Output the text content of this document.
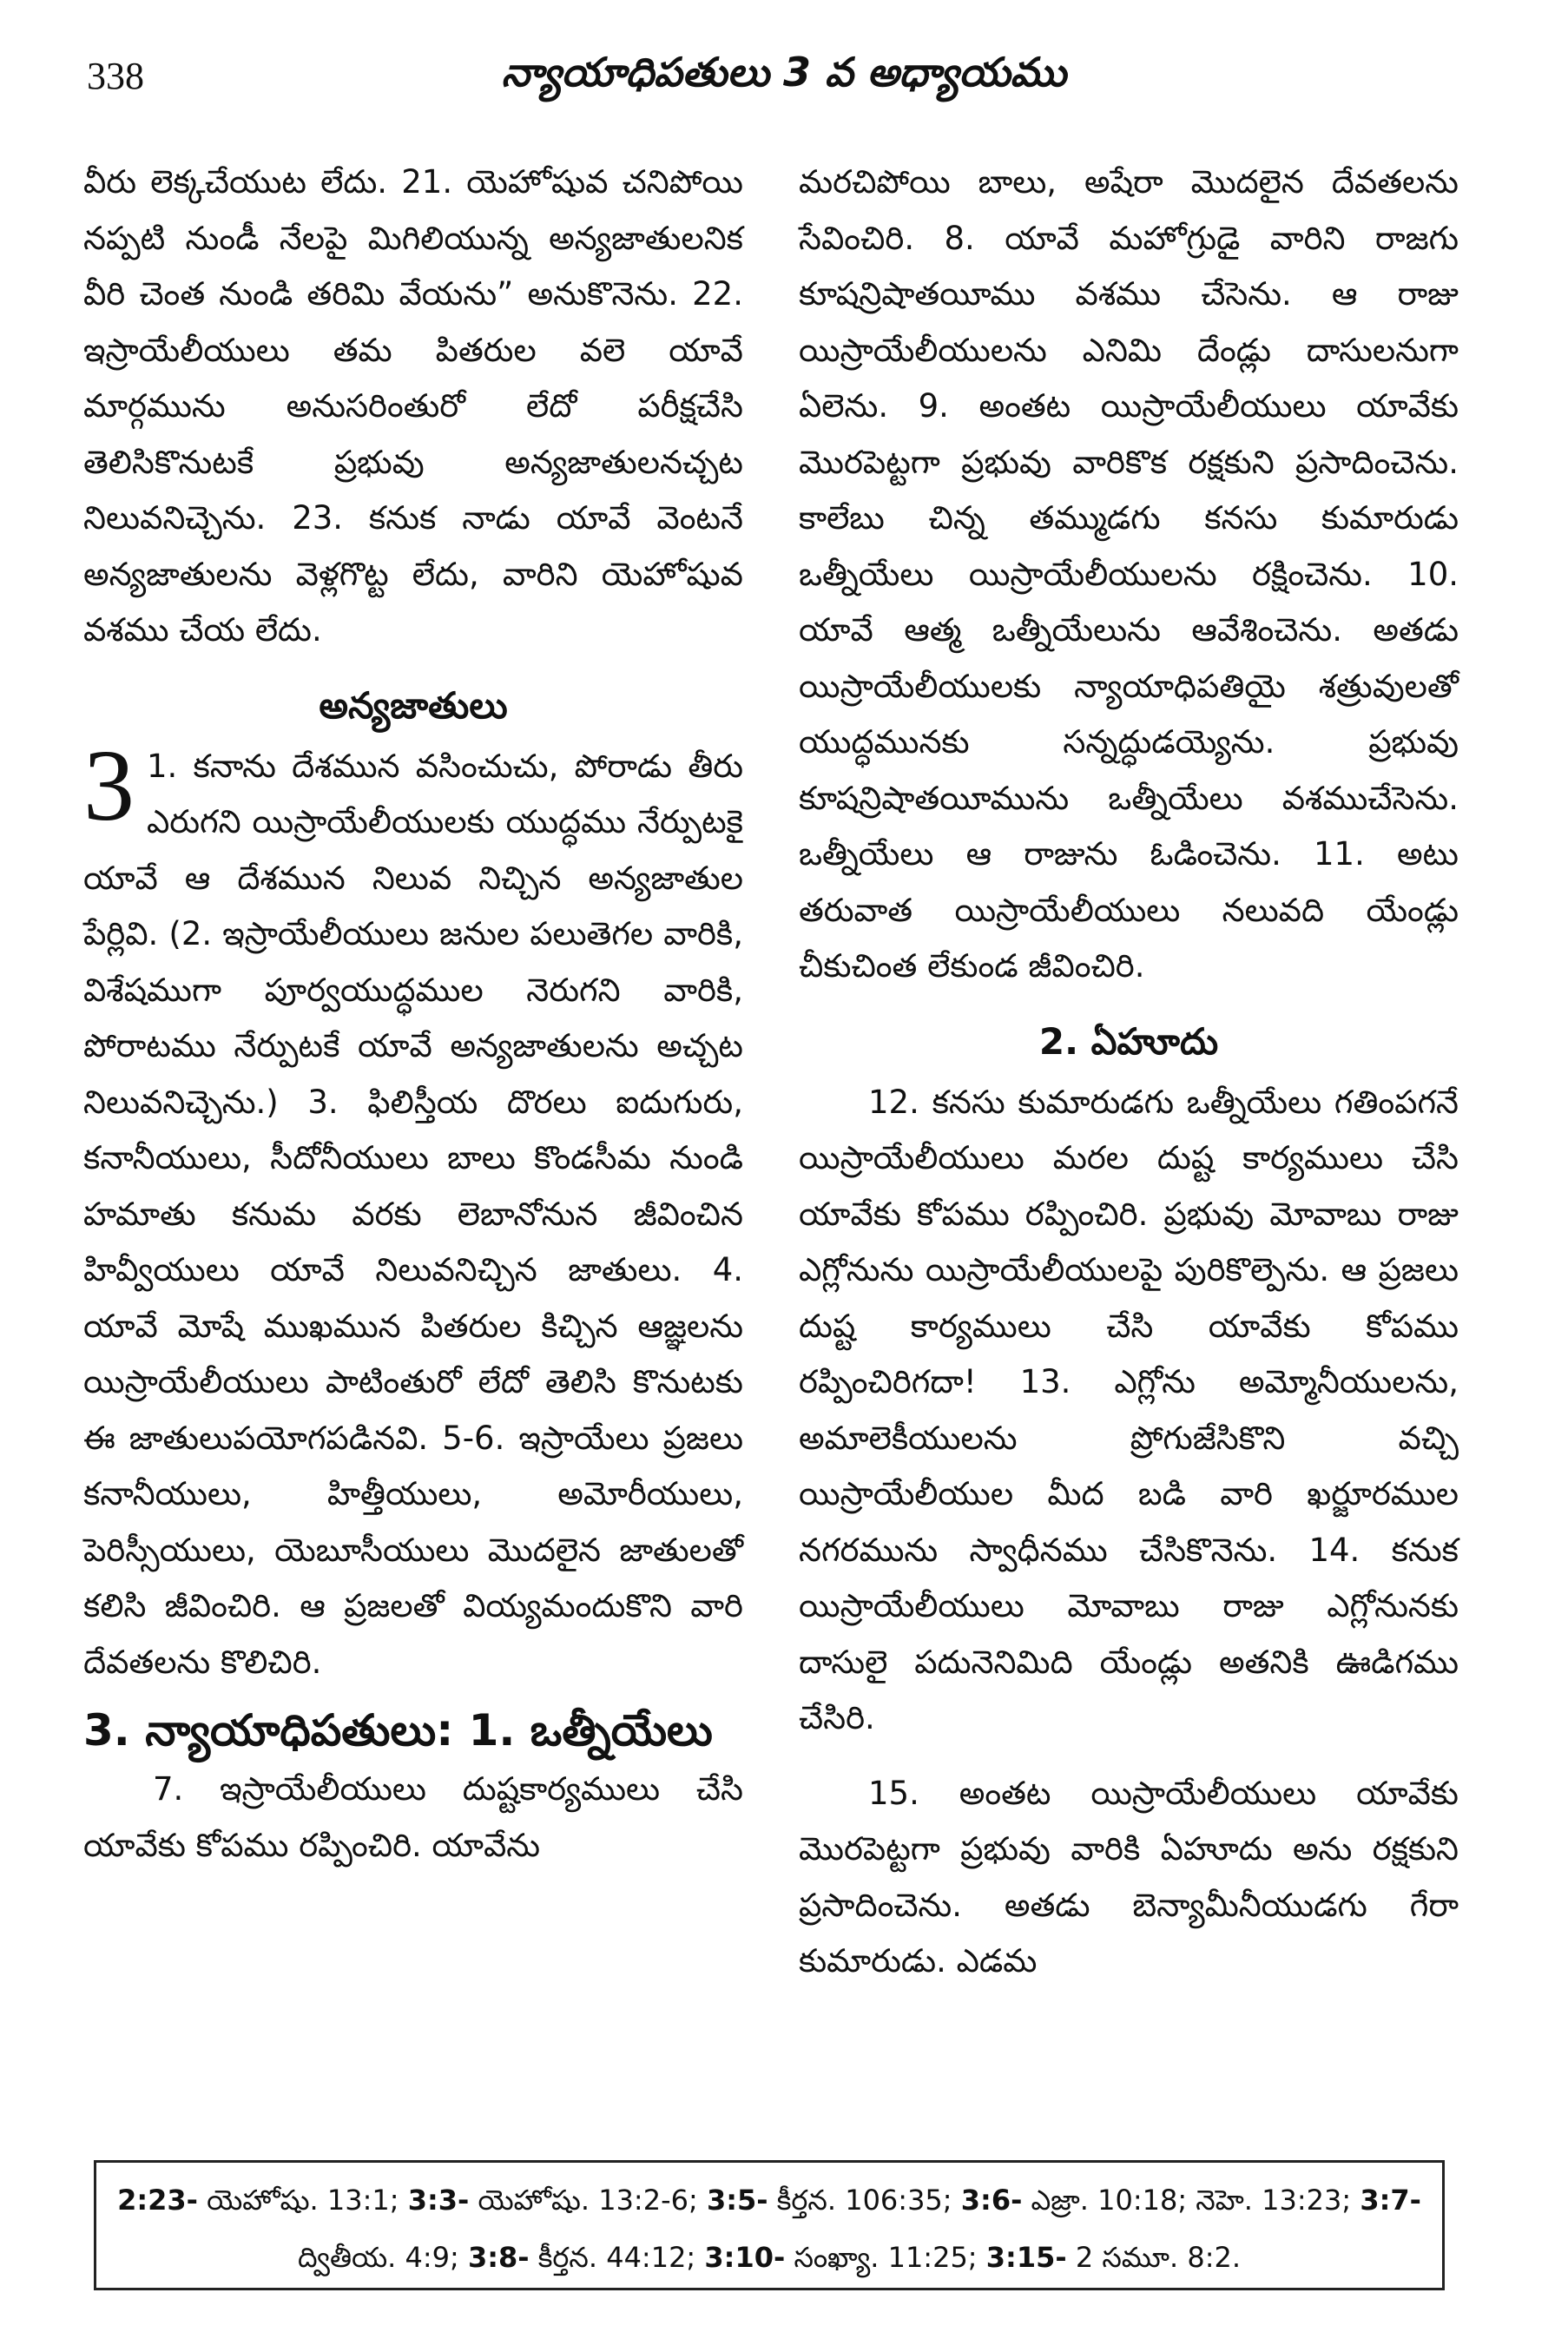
338	న్యాయాధిపతులు 3 వ అధ్యాయము

వీరు లెక్కచేయుట లేదు. 21. యెహోషువ చనిపోయి నప్పటి నుండీ నేలపై మిగిలియున్న అన్యజాతులనిక వీరి చెంత నుండి తరిమి వేయను” అనుకొనెను. 22. ఇస్రాయేలీయులు తమ పితరుల వలె యావే మార్గమును అనుసరింతురో లేదో పరీక్షచేసి తెలిసికొనుటకే ప్రభువు అన్యజాతులనచ్చట నిలువనిచ్చెను. 23. కనుక నాడు యావే వెంటనే అన్యజాతులను వెళ్లగొట్ట లేదు, వారిని యెహోషువ వశము చేయ లేదు.

అన్యజాతులు

3 1. కనాను దేశమున వసించుచు, పోరాడు తీరు ఎరుగని యిస్రాయేలీయులకు యుద్ధము నేర్పుటకై యావే ఆ దేశమున నిలువ నిచ్చిన అన్యజాతుల పేర్లివి. (2. ఇస్రాయేలీయులు జనుల పలుతెగల వారికి, విశేషముగా పూర్వయుద్ధముల నెరుగని వారికి, పోరాటము నేర్పుటకే యావే అన్యజాతులను అచ్చట నిలువనిచ్చెను.) 3. ఫిలిస్తీయ దొరలు ఐదుగురు, కనానీయులు, సీదోనీయులు బాలు కొండసీమ నుండి హమాతు కనుమ వరకు లెబానోనున జీవించిన హివ్వీయులు యావే నిలువనిచ్చిన జాతులు. 4. యావే మోషే ముఖమున పితరుల కిచ్చిన ఆజ్ఞలను యిస్రాయేలీయులు పాటింతురో లేదో తెలిసి కొనుటకు ఈ జాతులుపయోగపడినవి. 5-6. ఇస్రాయేలు ప్రజలు కనానీయులు, హిత్తీయులు, అమోరీయులు, పెరిస్సీయులు, యెబూసీయులు మొదలైన జాతులతో కలిసి జీవించిరి. ఆ ప్రజలతో వియ్యమందుకొని వారి దేవతలను కొలిచిరి.

3. న్యాయాధిపతులు: 1. ఒత్నీయేలు

7. ఇస్రాయేలీయులు దుష్టకార్యములు చేసి యావేకు కోపము రప్పించిరి. యావేను

మరచిపోయి బాలు, అషేరా మొదలైన దేవతలను సేవించిరి. 8. యావే మహోగ్రుడై వారిని రాజగు కూషన్రిషాతయీము వశము చేసెను. ఆ రాజు యిస్రాయేలీయులను ఎనిమి దేండ్లు దాసులనుగా ఏలెను. 9. అంతట యిస్రాయేలీయులు యావేకు మొరపెట్టగా ప్రభువు వారికొక రక్షకుని ప్రసాదించెను. కాలేబు చిన్న తమ్ముడగు కనసు కుమారుడు ఒత్నీయేలు యిస్రాయేలీయులను రక్షించెను. 10. యావే ఆత్మ ఒత్నీయేలును ఆవేశించెను. అతడు యిస్రాయేలీయులకు న్యాయాధిపతియై శత్రువులతో యుద్ధమునకు సన్నద్ధుడయ్యెను. ప్రభువు కూషన్రిషాతయీమును ఒత్నీయేలు వశముచేసెను. ఒత్నీయేలు ఆ రాజును ఓడించెను. 11. అటు తరువాత యిస్రాయేలీయులు నలువది యేండ్లు చీకుచింత లేకుండ జీవించిరి.

2. ఏహూదు

12. కనసు కుమారుడగు ఒత్నీయేలు గతింపగనే యిస్రాయేలీయులు మరల దుష్ట కార్యములు చేసి యావేకు కోపము రప్పించిరి. ప్రభువు మోవాబు రాజు ఎగ్లోనును యిస్రాయేలీయులపై పురికొల్పెను. ఆ ప్రజలు దుష్ట కార్యములు చేసి యావేకు కోపము రప్పించిరిగదా! 13. ఎగ్లోను అమ్మోనీయులను, అమాలెకీయులను ప్రోగుజేసికొని వచ్చి యిస్రాయేలీయుల మీద బడి వారి ఖర్జూరముల నగరమును స్వాధీనము చేసికొనెను. 14. కనుక యిస్రాయేలీయులు మోవాబు రాజు ఎగ్లోనునకు దాసులై పదునెనిమిది యేండ్లు అతనికి ఊడిగము చేసిరి.

15. అంతట యిస్రాయేలీయులు యావేకు మొరపెట్టగా ప్రభువు వారికి ఏహూదు అను రక్షకుని ప్రసాదించెను. అతడు బెన్యామీనీయుడగు గేరా కుమారుడు. ఎడమ

2:23- యెహోషు. 13:1; 3:3- యెహోషు. 13:2-6; 3:5- కీర్తన. 106:35; 3:6- ఎజ్రా. 10:18; నెహె. 13:23; 3:7- ద్వితీయ. 4:9; 3:8- కీర్తన. 44:12; 3:10- సంఖ్యా. 11:25; 3:15- 2 సమూ. 8:2.
